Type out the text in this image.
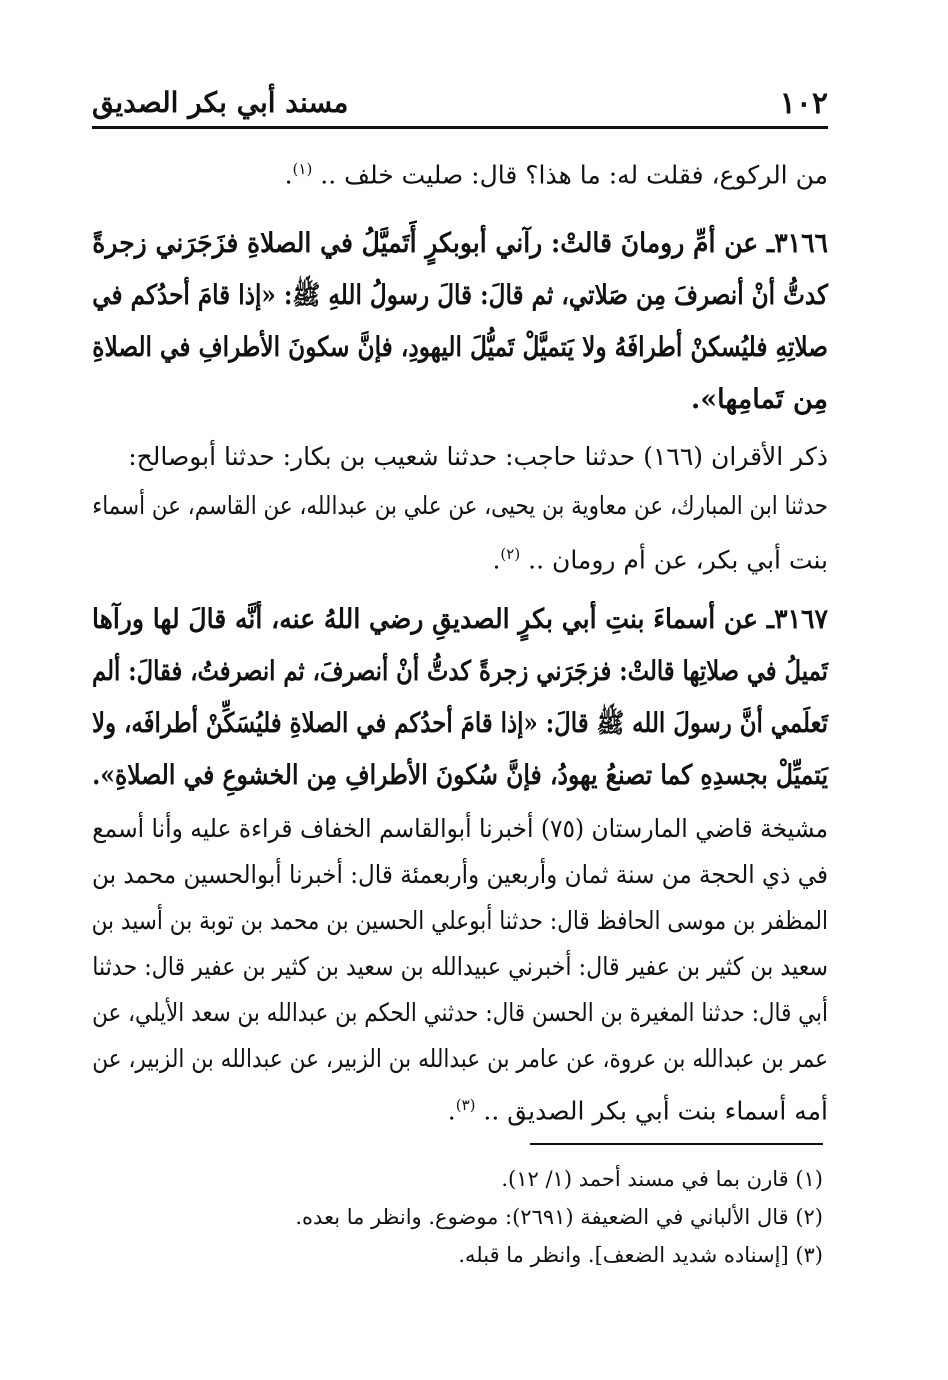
١٠٢
مسند أبي بكر الصديق
من الركوع، فقلت له: ما هذا؟ قال: صليت خلف .. $^{(١)}$.
٣١٦٦ـ عن أمِّ رومانَ قالتْ: رآني أبوبكرٍ أَتَميَّلُ في الصلاةِ فزَجَرَني زجرةً
كدتُّ أنْ أنصرفَ مِن صَلاتي، ثم قالَ: قالَ رسولُ اللهِ ﷺ: «إذا قامَ أحدُكم في
صلاتِهِ فليُسكنْ أطرافَهُ ولا يَتميَّلْ تَميُّلَ اليهودِ، فإنَّ سكونَ الأطرافِ في الصلاةِ
مِن تَمامِها».
ذكر الأقران (١٦٦) حدثنا حاجب: حدثنا شعيب بن بكار: حدثنا أبوصالح:
حدثنا ابن المبارك، عن معاوية بن يحيى، عن علي بن عبدالله، عن القاسم، عن أسماء
بنت أبي بكر، عن أم رومان .. $^{(٢)}$.
٣١٦٧ـ عن أسماءَ بنتِ أبي بكرٍ الصديقِ رضي اللهُ عنه، أنَّه قالَ لها ورآها
تَميلُ في صلاتِها قالتْ: فزجَرَني زجرةً كدتُّ أنْ أنصرفَ، ثم انصرفتُ، فقالَ: ألم
تَعلَمي أنَّ رسولَ الله ﷺ قالَ: «إذا قامَ أحدُكم في الصلاةِ فليُسَكِّنْ أطرافَه، ولا
يَتميِّلْ بجسدِهِ كما تصنعُ يهودُ، فإنَّ سُكونَ الأطرافِ مِن الخشوعِ في الصلاةِ».
مشيخة قاضي المارستان (٧٥) أخبرنا أبوالقاسم الخفاف قراءة عليه وأنا أسمع
في ذي الحجة من سنة ثمان وأربعين وأربعمئة قال: أخبرنا أبوالحسين محمد بن
المظفر بن موسى الحافظ قال: حدثنا أبوعلي الحسين بن محمد بن توبة بن أسيد بن
سعيد بن كثير بن عفير قال: أخبرني عبيدالله بن سعيد بن كثير بن عفير قال: حدثنا
أبي قال: حدثنا المغيرة بن الحسن قال: حدثني الحكم بن عبدالله بن سعد الأيلي، عن
عمر بن عبدالله بن عروة، عن عامر بن عبدالله بن الزبير، عن عبدالله بن الزبير، عن
أمه أسماء بنت أبي بكر الصديق .. $^{(٣)}$.
(١) قارن بما في مسند أحمد (١/ ١٢).
(٢) قال الألباني في الضعيفة (٢٦٩١): موضوع. وانظر ما بعده.
(٣) [إسناده شديد الضعف]. وانظر ما قبله.
